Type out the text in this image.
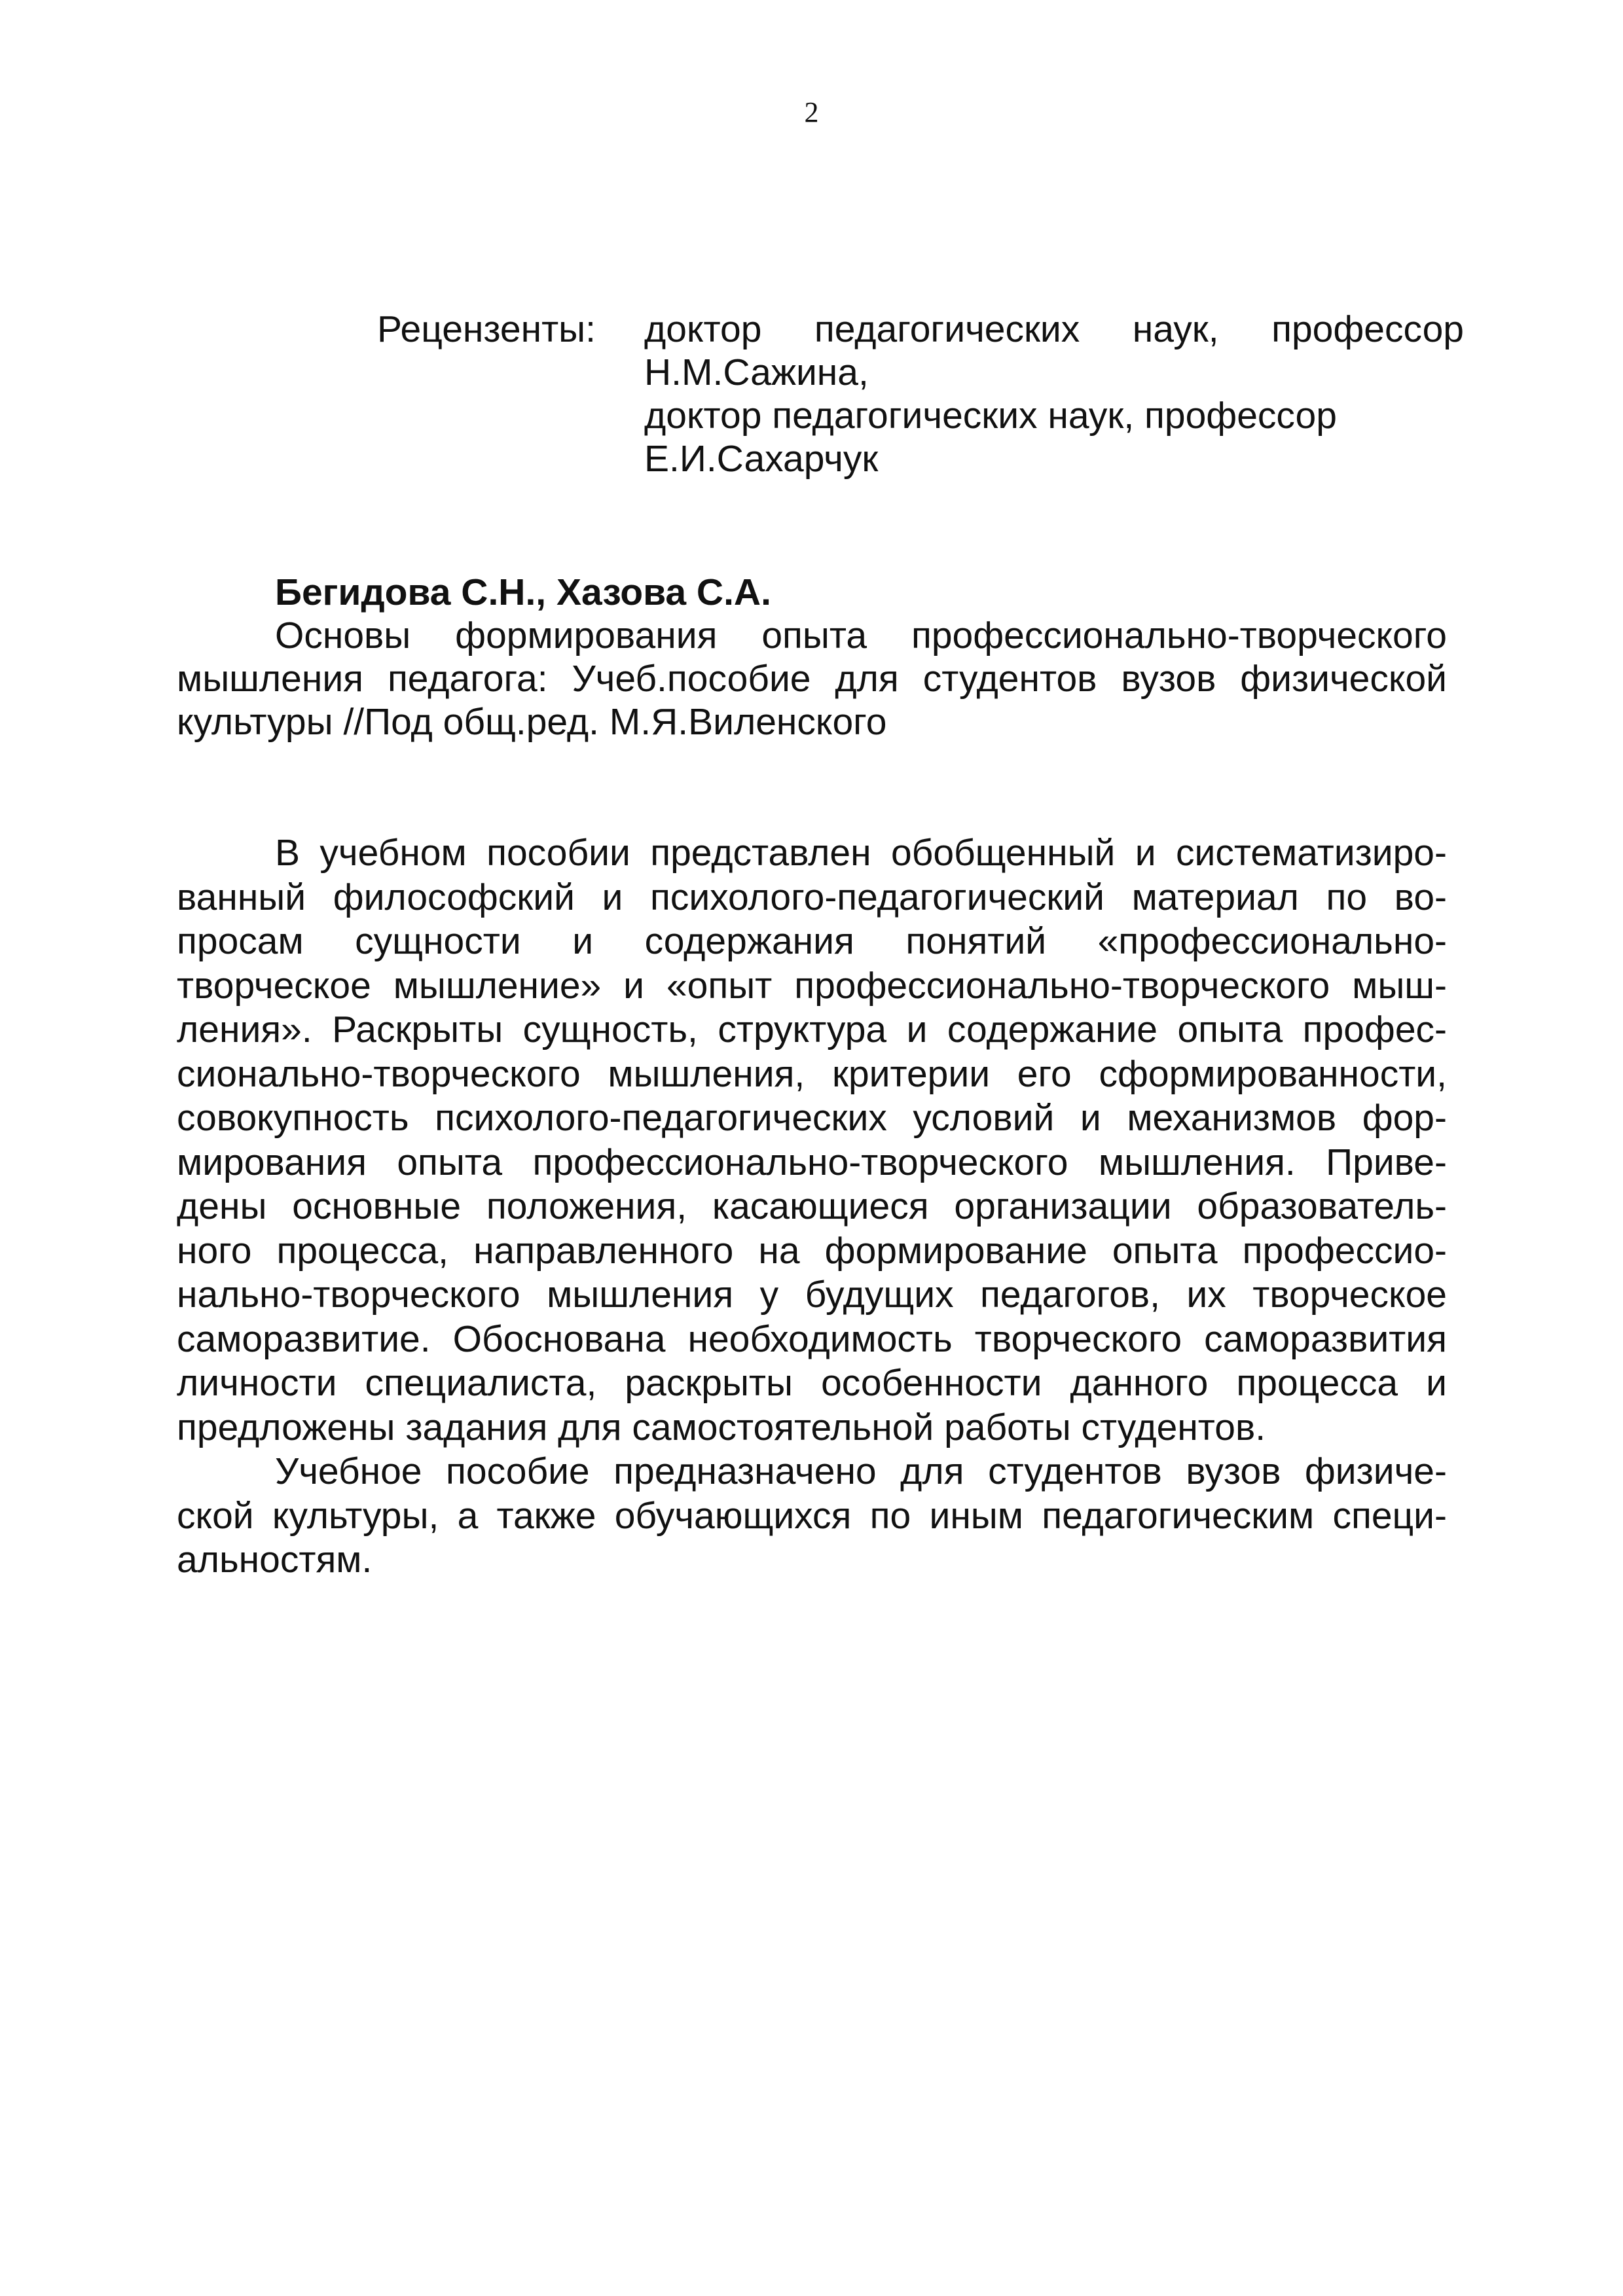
2
Рецензенты:	доктор педагогических наук, профессор
Н.М.Сажина,
доктор педагогических наук, профессор
Е.И.Сахарчук

Бегидова С.Н., Хазова С.А.

Основы формирования опыта профессионально-творческого
мышления педагога: Учеб.пособие для студентов вузов физической
культуры //Под общ.ред. М.Я.Виленского
В учебном пособии представлен обобщенный и систематизиро-
ванный философский и психолого-педагогический материал по во-
просам сущности и содержания понятий «профессионально-
творческое мышление» и «опыт профессионально-творческого мыш-
ления». Раскрыты сущность, структура и содержание опыта профес-
сионально-творческого мышления, критерии его сформированности,
совокупность психолого-педагогических условий и механизмов фор-
мирования опыта профессионально-творческого мышления. Приве-
дены основные положения, касающиеся организации образователь-
ного процесса, направленного на формирование опыта профессио-
нально-творческого мышления у будущих педагогов, их творческое
саморазвитие. Обоснована необходимость творческого саморазвития
личности специалиста, раскрыты особенности данного процесса и
предложены задания для самостоятельной работы студентов.
Учебное пособие предназначено для студентов вузов физиче-
ской культуры, а также обучающихся по иным педагогическим специ-
альностям.
